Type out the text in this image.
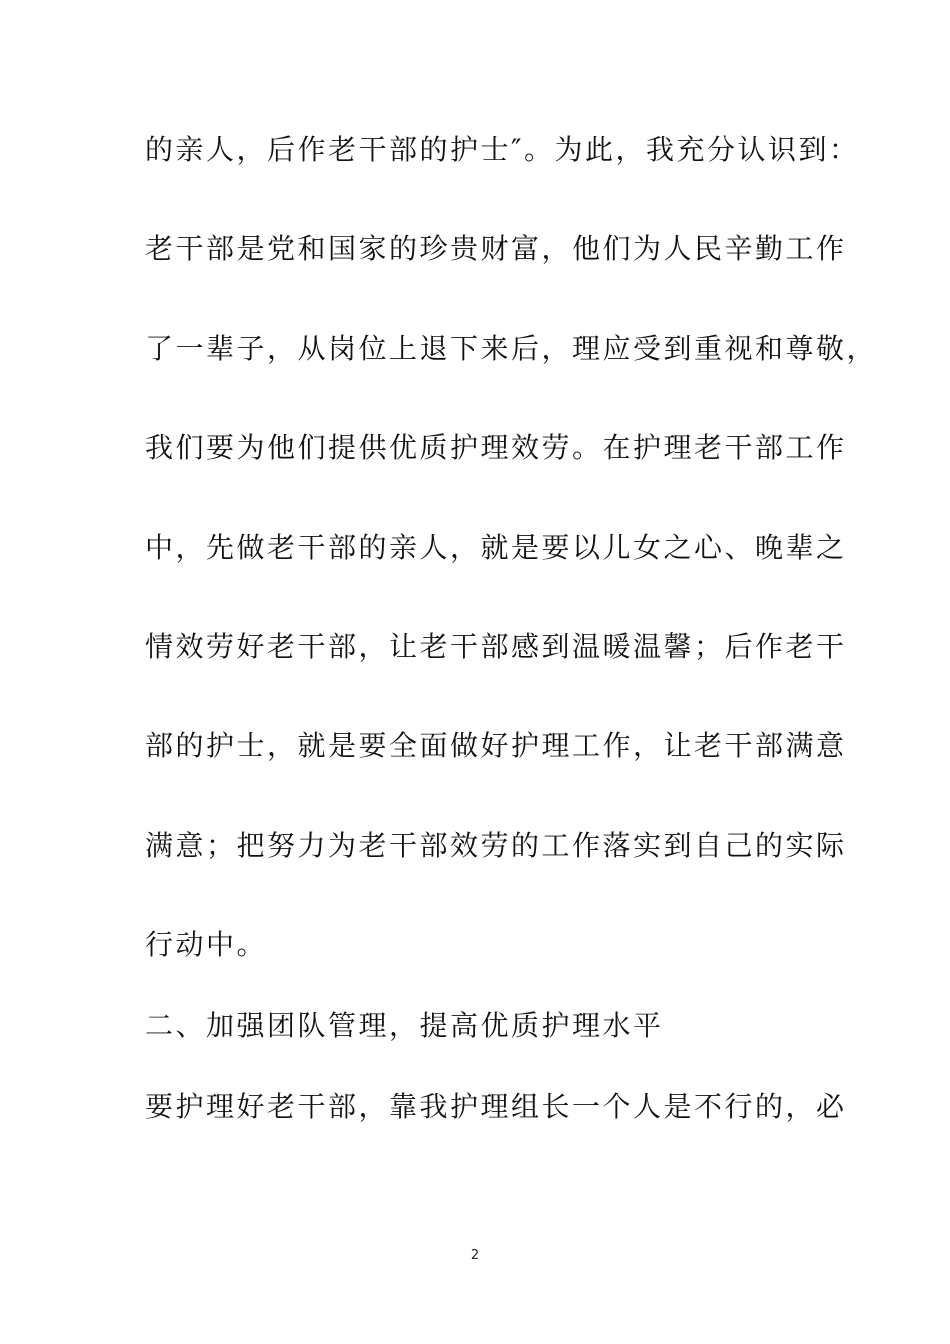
的亲人，后作老干部的护士″。为此，我充分认识到：
老干部是党和国家的珍贵财富，他们为人民辛勤工作
了一辈子，从岗位上退下来后，理应受到重视和尊敬，
我们要为他们提供优质护理效劳。在护理老干部工作
中，先做老干部的亲人，就是要以儿女之心、晚辈之
情效劳好老干部，让老干部感到温暖温馨；后作老干
部的护士，就是要全面做好护理工作，让老干部满意
满意；把努力为老干部效劳的工作落实到自己的实际
行动中。
二、加强团队管理，提高优质护理水平
要护理好老干部，靠我护理组长一个人是不行的，必
2
